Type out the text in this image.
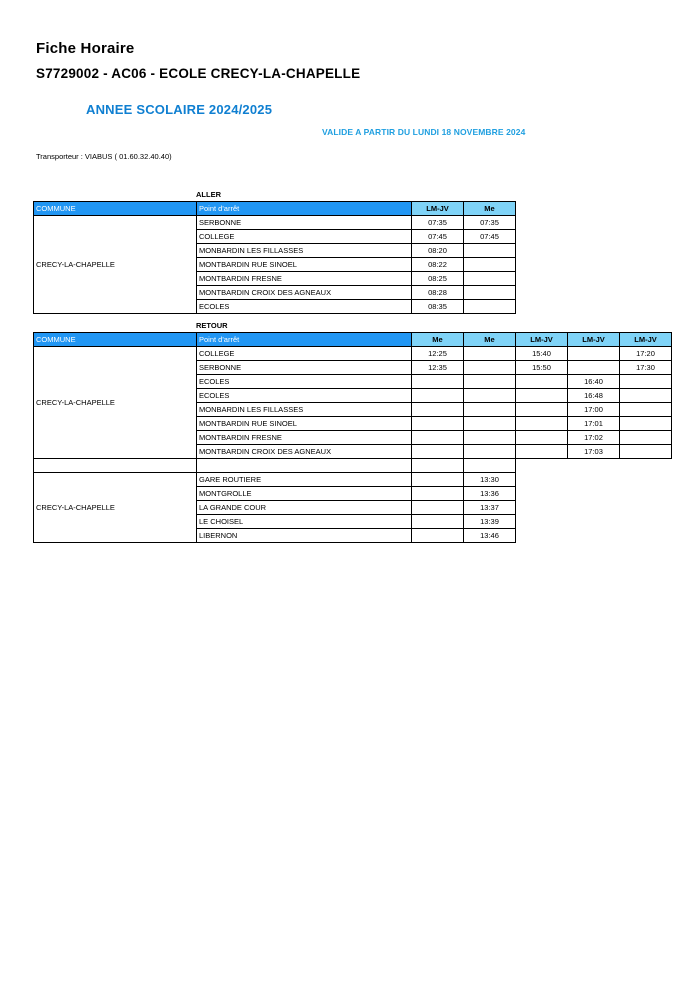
Fiche Horaire
S7729002 - AC06 - ECOLE CRECY-LA-CHAPELLE
ANNEE SCOLAIRE 2024/2025
VALIDE A PARTIR DU LUNDI 18 NOVEMBRE 2024
Transporteur : VIABUS ( 01.60.32.40.40)
ALLER
COMMUNE	Point d'arrêt	LM-JV	Me
CRECY-LA-CHAPELLE	SERBONNE	07:35	07:35
	COLLEGE	07:45	07:45
	MONBARDIN LES FILLASSES	08:20	
	MONTBARDIN RUE SINOEL	08:22	
	MONTBARDIN FRESNE	08:25	
	MONTBARDIN CROIX DES AGNEAUX	08:28	
	ECOLES	08:35	
RETOUR
COMMUNE	Point d'arrêt	Me	Me	LM-JV	LM-JV	LM-JV
CRECY-LA-CHAPELLE	COLLEGE	12:25		15:40		17:20
	SERBONNE	12:35		15:50		17:30
	ECOLES				16:40	
	ECOLES				16:48	
	MONBARDIN LES FILLASSES				17:00	
	MONTBARDIN RUE SINOEL				17:01	
	MONTBARDIN FRESNE				17:02	
	MONTBARDIN CROIX DES AGNEAUX				17:03	

CRECY-LA-CHAPELLE	GARE ROUTIERE		13:30			
	MONTGROLLE		13:36			
	LA GRANDE COUR		13:37			
	LE CHOISEL		13:39			
	LIBERNON		13:46			
